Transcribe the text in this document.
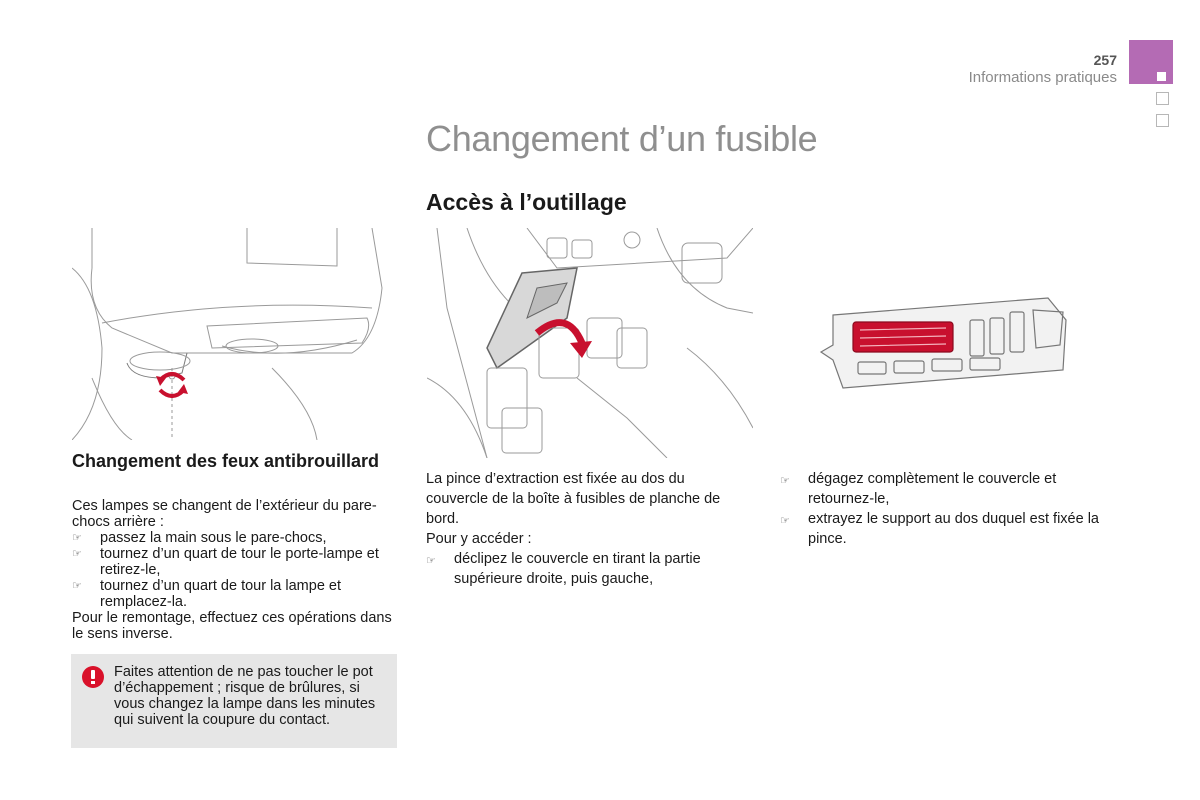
257
Informations pratiques
Changement d’un fusible
Accès à l’outillage
Changement des feux antibrouillard
Ces lampes se changent de l’extérieur du pare-chocs arrière :
☞ passez la main sous le pare-chocs,
☞ tournez d’un quart de tour le porte-lampe et retirez-le,
☞ tournez d’un quart de tour la lampe et remplacez-la.
Pour le remontage, effectuez ces opérations dans le sens inverse.
Faites attention de ne pas toucher le pot d’échappement ; risque de brûlures, si vous changez la lampe dans les minutes qui suivent la coupure du contact.
La pince d’extraction est fixée au dos du couvercle de la boîte à fusibles de planche de bord.
Pour y accéder :
☞ déclipez le couvercle en tirant la partie supérieure droite, puis gauche,
☞ dégagez complètement le couvercle et retournez-le,
☞ extrayez le support au dos duquel est fixée la pince.
